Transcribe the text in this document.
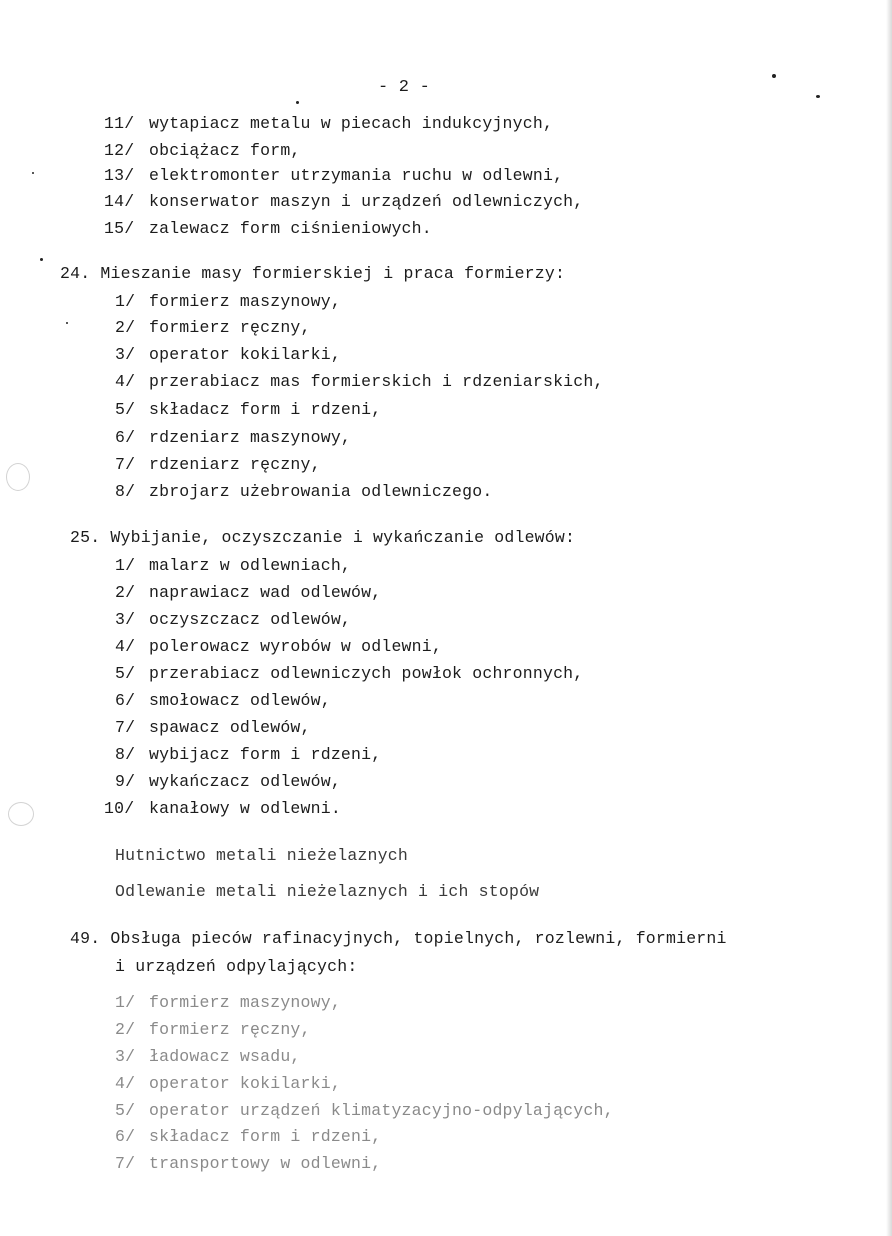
- 2 -
11/ wytapiacz metalu w piecach indukcyjnych,
12/ obciążacz form,
13/ elektromonter utrzymania ruchu w odlewni,
14/ konserwator maszyn i urządzeń odlewniczych,
15/ zalewacz form ciśnieniowych.
24. Mieszanie masy formierskiej i praca formierzy:
1/ formierz maszynowy,
2/ formierz ręczny,
3/ operator kokilarki,
4/ przerabiacz mas formierskich i rdzeniarskich,
5/ składacz form i rdzeni,
6/ rdzeniarz maszynowy,
7/ rdzeniarz ręczny,
8/ zbrojarz użebrowania odlewniczego.
25. Wybijanie, oczyszczanie i wykańczanie odlewów:
1/ malarz w odlewniach,
2/ naprawiacz wad odlewów,
3/ oczyszczacz odlewów,
4/ polerowacz wyrobów w odlewni,
5/ przerabiacz odlewniczych powłok ochronnych,
6/ smołowacz odlewów,
7/ spawacz odlewów,
8/ wybijacz form i rdzeni,
9/ wykańczacz odlewów,
10/ kanałowy w odlewni.
Hutnictwo metali nieżelaznych
Odlewanie metali nieżelaznych i ich stopów
49. Obsługa pieców rafinacyjnych, topielnych, rozlewni, formierni
i urządzeń odpylających:
1/ formierz maszynowy,
2/ formierz ręczny,
3/ ładowacz wsadu,
4/ operator kokilarki,
5/ operator urządzeń klimatyzacyjno-odpylających,
6/ składacz form i rdzeni,
7/ transportowy w odlewni,
